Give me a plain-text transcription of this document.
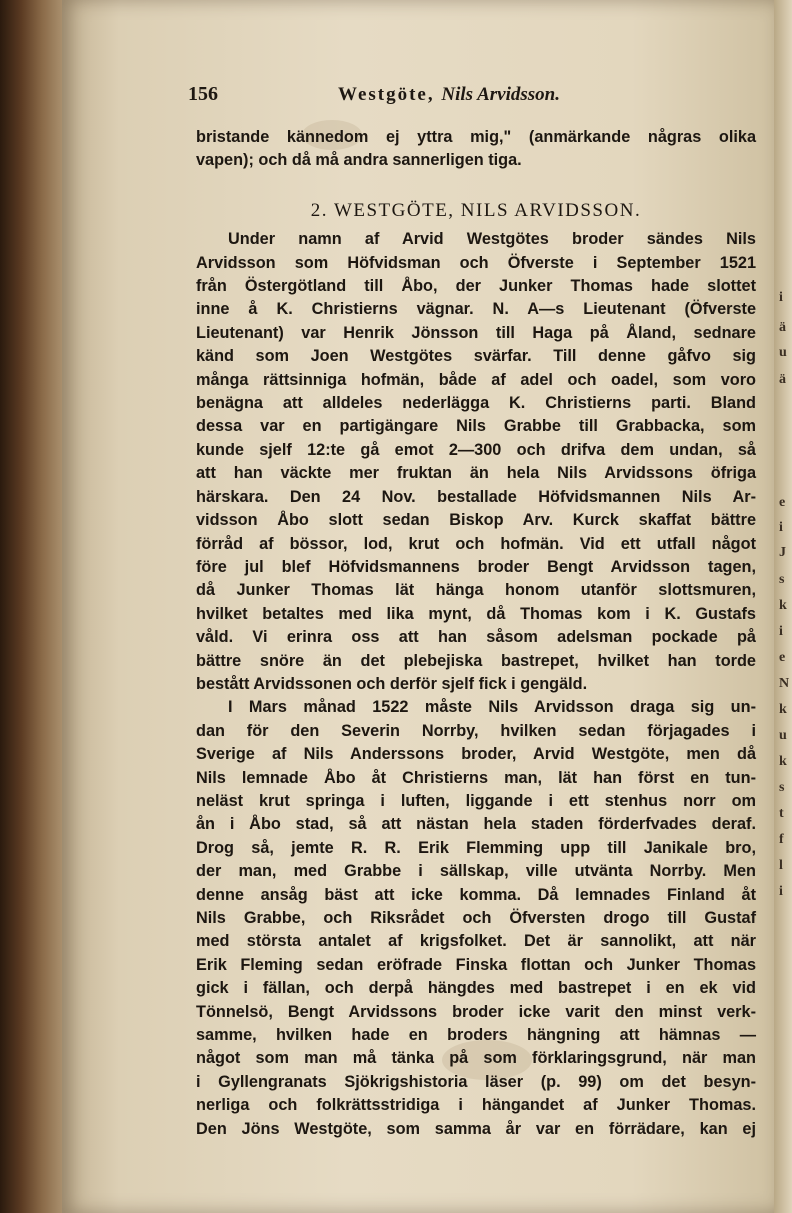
156	Westgöte, Nils Arvidsson.
bristande kännedom ej yttra mig," (anmärkande någras olika
vapen); och då må andra sannerligen tiga.
2. WESTGÖTE, NILS ARVIDSSON.
Under namn af Arvid Westgötes broder sändes Nils
Arvidsson som Höfvidsman och Öfverste i September 1521
från Östergötland till Åbo, der Junker Thomas hade slottet
inne å K. Christierns vägnar. N. A—s Lieutenant (Öfverste
Lieutenant) var Henrik Jönsson till Haga på Åland, sednare
känd som Joen Westgötes svärfar. Till denne gåfvo sig
många rättsinniga hofmän, både af adel och oadel, som voro
benägna att alldeles nederlägga K. Christierns parti. Bland
dessa var en partigängare Nils Grabbe till Grabbacka, som
kunde sjelf 12:te gå emot 2—300 och drifva dem undan, så
att han väckte mer fruktan än hela Nils Arvidssons öfriga
härskara. Den 24 Nov. bestallade Höfvidsmannen Nils Ar-
vidsson Åbo slott sedan Biskop Arv. Kurck skaffat bättre
förråd af bössor, lod, krut och hofmän. Vid ett utfall något
före jul blef Höfvidsmannens broder Bengt Arvidsson tagen,
då Junker Thomas lät hänga honom utanför slottsmuren,
hvilket betaltes med lika mynt, då Thomas kom i K. Gustafs
våld. Vi erinra oss att han såsom adelsman pockade på
bättre snöre än det plebejiska bastrepet, hvilket han torde
bestått Arvidssonen och derför sjelf fick i gengäld.
I Mars månad 1522 måste Nils Arvidsson draga sig un-
dan för den Severin Norrby, hvilken sedan förjagades i
Sverige af Nils Anderssons broder, Arvid Westgöte, men då
Nils lemnade Åbo åt Christierns man, lät han först en tun-
neläst krut springa i luften, liggande i ett stenhus norr om
ån i Åbo stad, så att nästan hela staden förderfvades deraf.
Drog så, jemte R. R. Erik Flemming upp till Janikale bro,
der man, med Grabbe i sällskap, ville utvänta Norrby. Men
denne ansåg bäst att icke komma. Då lemnades Finland åt
Nils Grabbe, och Riksrådet och Öfversten drogo till Gustaf
med största antalet af krigsfolket. Det är sannolikt, att när
Erik Fleming sedan eröfrade Finska flottan och Junker Thomas
gick i fällan, och derpå hängdes med bastrepet i en ek vid
Tönnelsö, Bengt Arvidssons broder icke varit den minst verk-
samme, hvilken hade en broders hängning att hämnas —
något som man må tänka på som förklaringsgrund, när man
i Gyllengranats Sjökrigshistoria läser (p. 99) om det besyn-
nerliga och folkrättsstridiga i hängandet af Junker Thomas.
Den Jöns Westgöte, som samma år var en förrädare, kan ej
i
ä
u
ä
e
i
J
s
k
i
e
N
k
u
k
s
t
f
l
i
